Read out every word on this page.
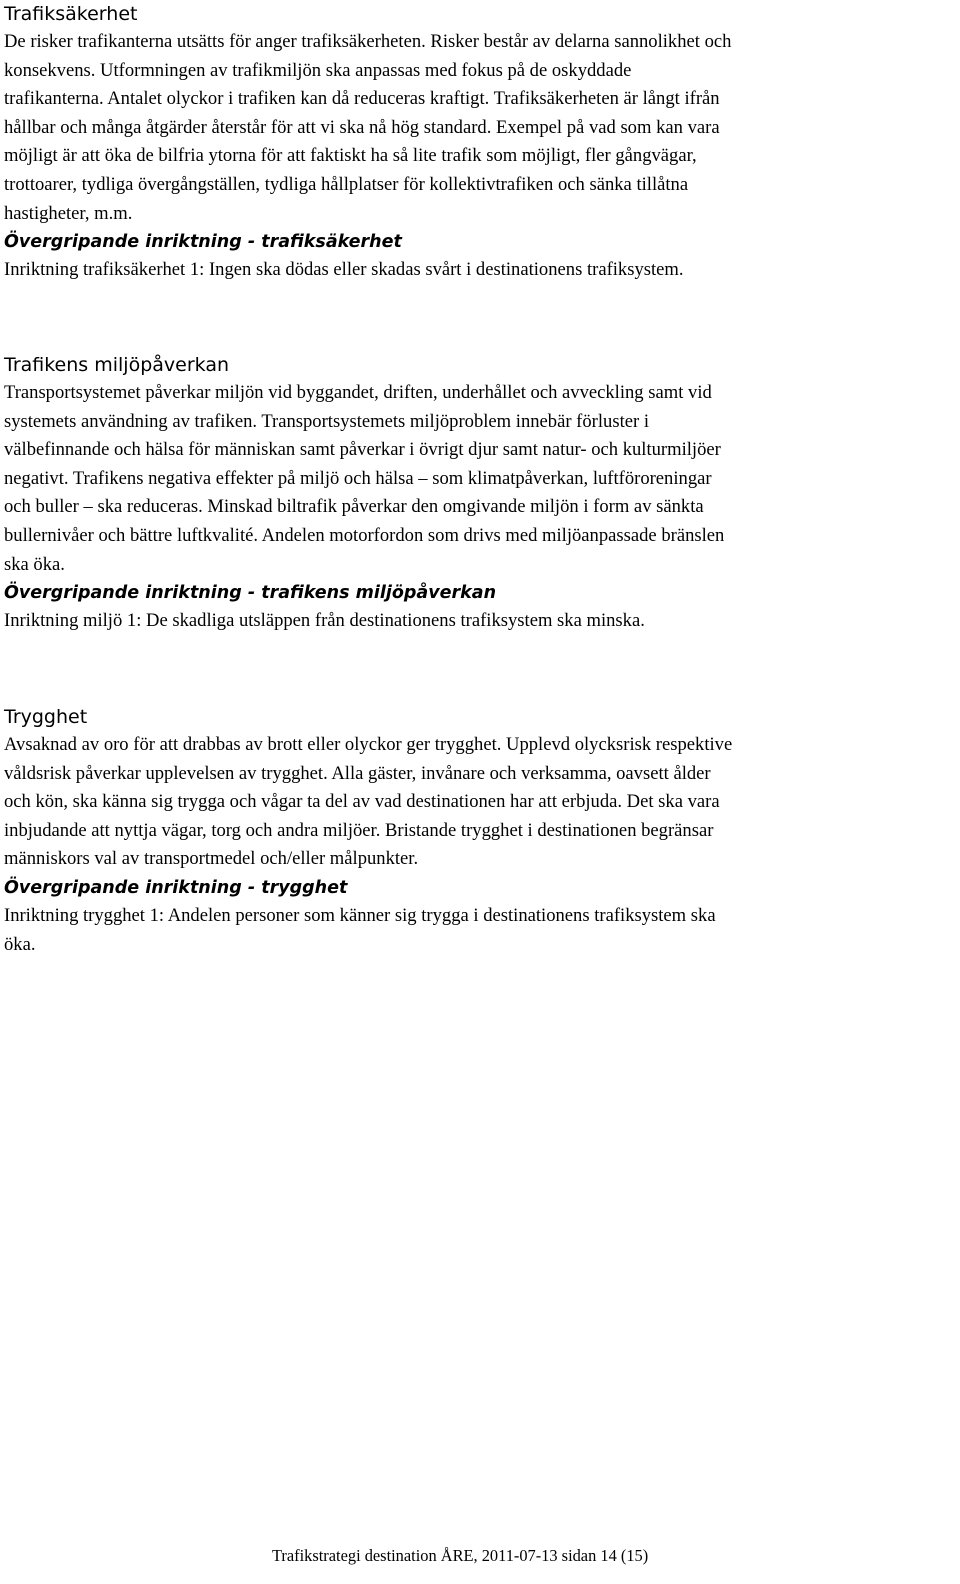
Trafiksäkerhet

De risker trafikanterna utsätts för anger trafiksäkerheten. Risker består av delarna sannolikhet och
konsekvens. Utformningen av trafikmiljön ska anpassas med fokus på de oskyddade
trafikanterna. Antalet olyckor i trafiken kan då reduceras kraftigt. Trafiksäkerheten är långt ifrån
hållbar och många åtgärder återstår för att vi ska nå hög standard. Exempel på vad som kan vara
möjligt är att öka de bilfria ytorna för att faktiskt ha så lite trafik som möjligt, fler gångvägar,
trottoarer, tydliga övergångställen, tydliga hållplatser för kollektivtrafiken och sänka tillåtna
hastigheter, m.m.

Övergripande inriktning - trafiksäkerhet

Inriktning trafiksäkerhet 1: Ingen ska dödas eller skadas svårt i destinationens trafiksystem.

Trafikens miljöpåverkan

Transportsystemet påverkar miljön vid byggandet, driften, underhållet och avveckling samt vid
systemets användning av trafiken. Transportsystemets miljöproblem innebär förluster i
välbefinnande och hälsa för människan samt påverkar i övrigt djur samt natur- och kulturmiljöer
negativt. Trafikens negativa effekter på miljö och hälsa – som klimatpåverkan, luftföroreningar
och buller – ska reduceras. Minskad biltrafik påverkar den omgivande miljön i form av sänkta
bullernivåer och bättre luftkvalité. Andelen motorfordon som drivs med miljöanpassade bränslen
ska öka.

Övergripande inriktning - trafikens miljöpåverkan

Inriktning miljö 1: De skadliga utsläppen från destinationens trafiksystem ska minska.

Trygghet

Avsaknad av oro för att drabbas av brott eller olyckor ger trygghet. Upplevd olycksrisk respektive
våldsrisk påverkar upplevelsen av trygghet. Alla gäster, invånare och verksamma, oavsett ålder
och kön, ska känna sig trygga och vågar ta del av vad destinationen har att erbjuda. Det ska vara
inbjudande att nyttja vägar, torg och andra miljöer. Bristande trygghet i destinationen begränsar
människors val av transportmedel och/eller målpunkter.

Övergripande inriktning - trygghet

Inriktning trygghet 1: Andelen personer som känner sig trygga i destinationens trafiksystem ska
öka.

Trafikstrategi destination ÅRE, 2011-07-13 sidan 14 (15)
